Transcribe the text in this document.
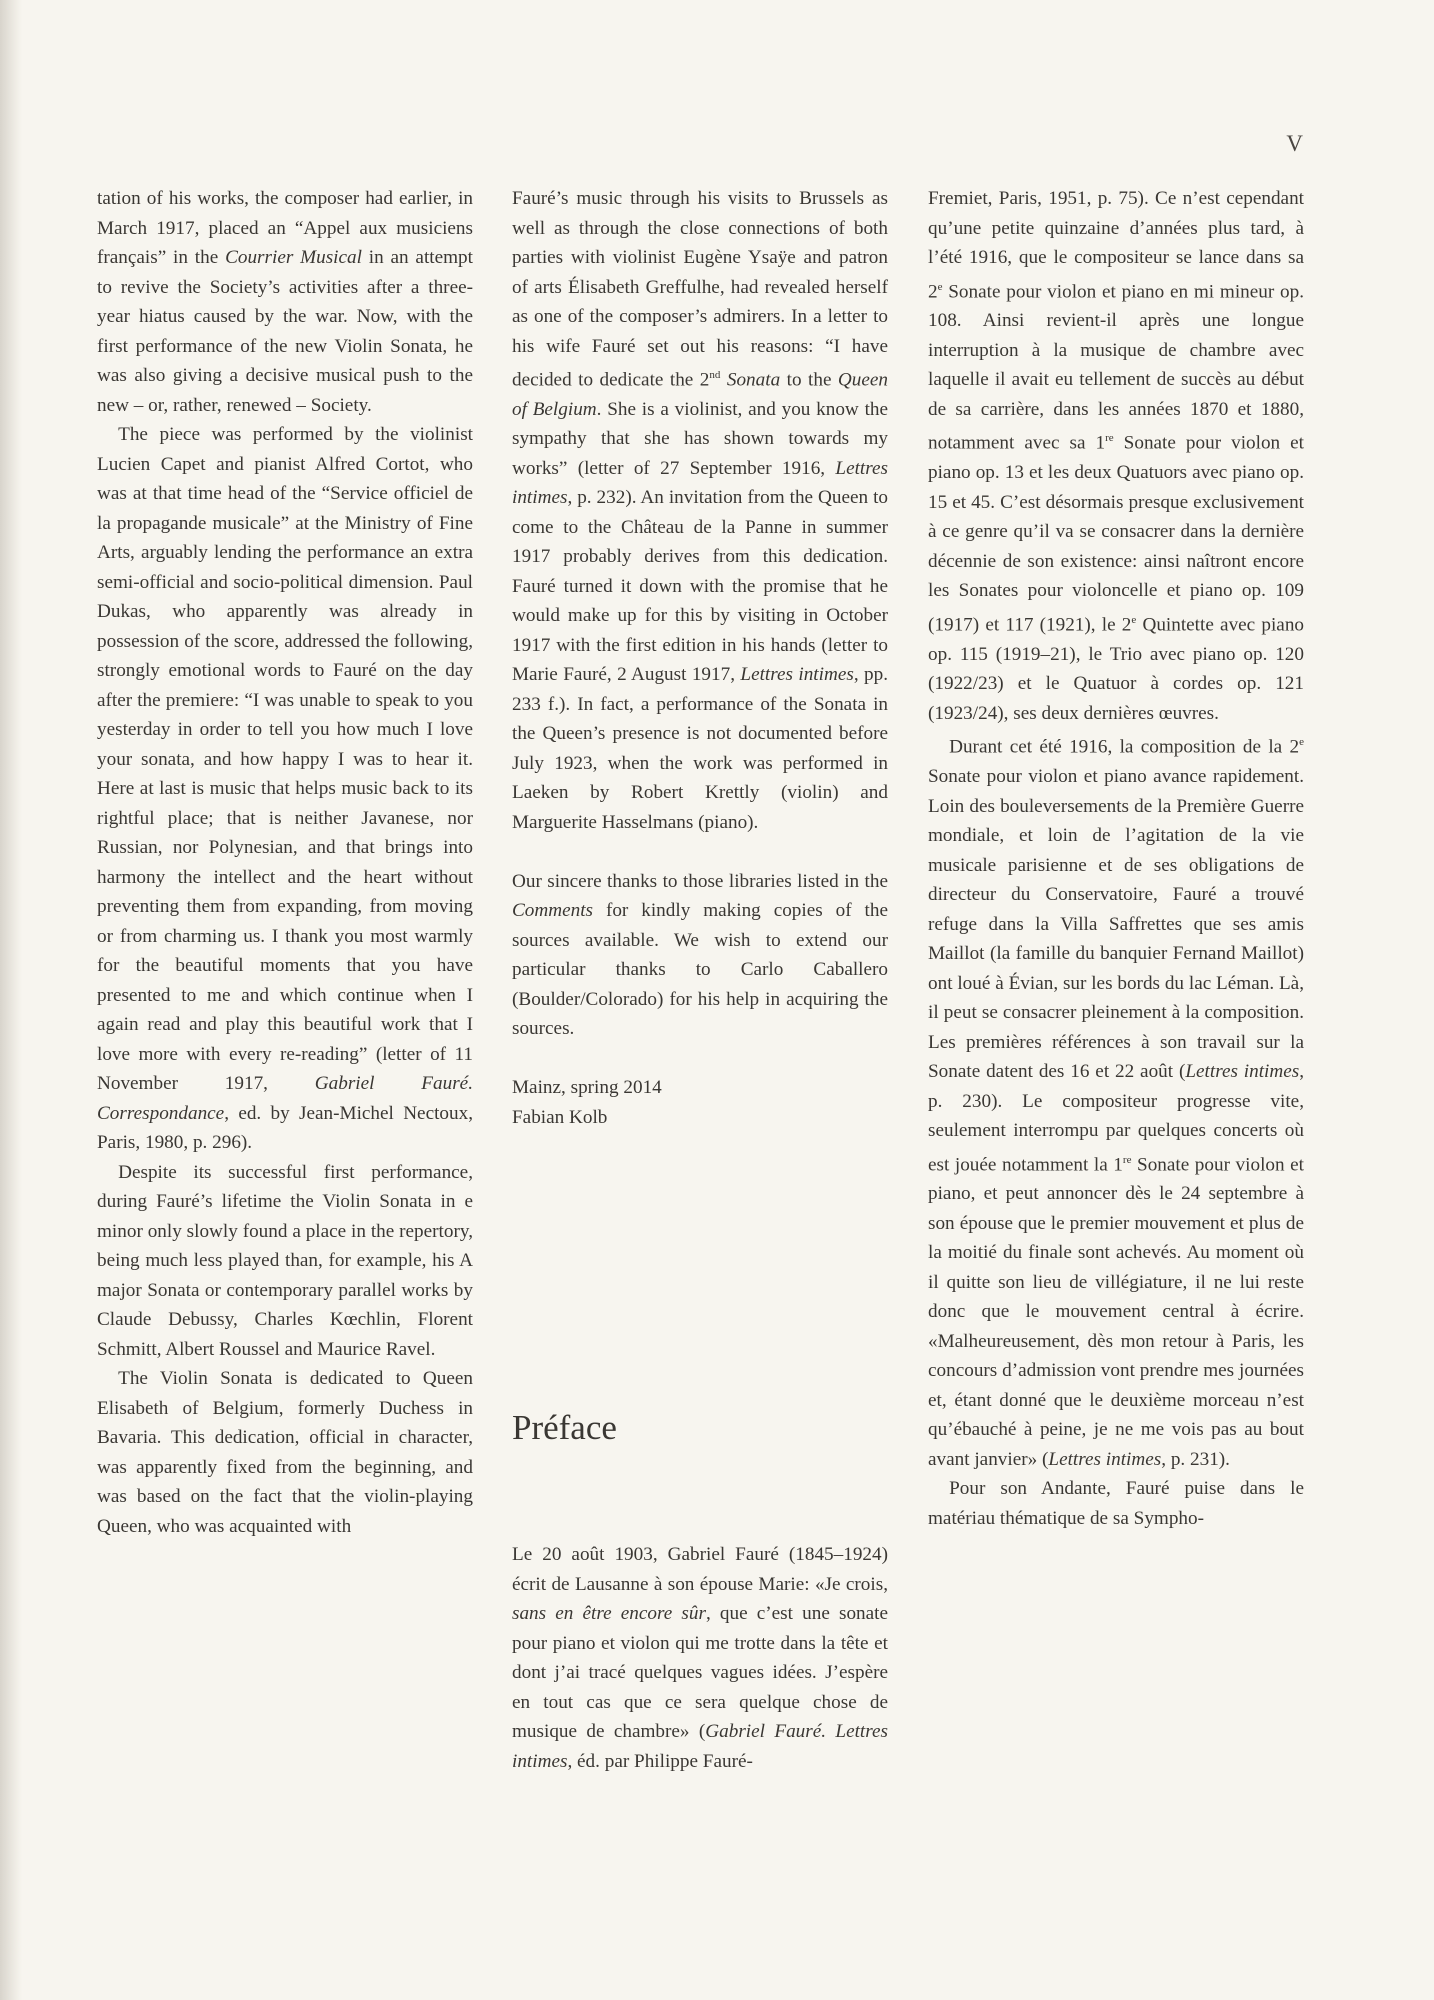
V

tation of his works, the composer had earlier, in March 1917, placed an “Appel aux musiciens français” in the Courrier Musical in an attempt to revive the Society’s activities after a three-year hiatus caused by the war. Now, with the first performance of the new Violin Sonata, he was also giving a decisive musical push to the new – or, rather, renewed – Society.

The piece was performed by the violinist Lucien Capet and pianist Alfred Cortot, who was at that time head of the “Service officiel de la propagande musicale” at the Ministry of Fine Arts, arguably lending the performance an extra semi-official and socio-political dimension. Paul Dukas, who apparently was already in possession of the score, addressed the following, strongly emotional words to Fauré on the day after the premiere: “I was unable to speak to you yesterday in order to tell you how much I love your sonata, and how happy I was to hear it. Here at last is music that helps music back to its rightful place; that is neither Javanese, nor Russian, nor Polynesian, and that brings into harmony the intellect and the heart without preventing them from expanding, from moving or from charming us. I thank you most warmly for the beautiful moments that you have presented to me and which continue when I again read and play this beautiful work that I love more with every re-reading” (letter of 11 November 1917, Gabriel Fauré. Correspondance, ed. by Jean-Michel Nectoux, Paris, 1980, p. 296).

Despite its successful first performance, during Fauré’s lifetime the Violin Sonata in e minor only slowly found a place in the repertory, being much less played than, for example, his A major Sonata or contemporary parallel works by Claude Debussy, Charles Kœchlin, Florent Schmitt, Albert Roussel and Maurice Ravel.

The Violin Sonata is dedicated to Queen Elisabeth of Belgium, formerly Duchess in Bavaria. This dedication, official in character, was apparently fixed from the beginning, and was based on the fact that the violin-playing Queen, who was acquainted with

Fauré’s music through his visits to Brussels as well as through the close connections of both parties with violinist Eugène Ysaÿe and patron of arts Élisabeth Greffulhe, had revealed herself as one of the composer’s admirers. In a letter to his wife Fauré set out his reasons: “I have decided to dedicate the 2nd Sonata to the Queen of Belgium. She is a violinist, and you know the sympathy that she has shown towards my works” (letter of 27 September 1916, Lettres intimes, p. 232). An invitation from the Queen to come to the Château de la Panne in summer 1917 probably derives from this dedication. Fauré turned it down with the promise that he would make up for this by visiting in October 1917 with the first edition in his hands (letter to Marie Fauré, 2 August 1917, Lettres intimes, pp. 233 f.). In fact, a performance of the Sonata in the Queen’s presence is not documented before July 1923, when the work was performed in Laeken by Robert Krettly (violin) and Marguerite Hasselmans (piano).

Our sincere thanks to those libraries listed in the Comments for kindly making copies of the sources available. We wish to extend our particular thanks to Carlo Caballero (Boulder/Colorado) for his help in acquiring the sources.

Mainz, spring 2014

Fabian Kolb

Préface

Le 20 août 1903, Gabriel Fauré (1845–1924) écrit de Lausanne à son épouse Marie: «Je crois, sans en être encore sûr, que c’est une sonate pour piano et violon qui me trotte dans la tête et dont j’ai tracé quelques vagues idées. J’espère en tout cas que ce sera quelque chose de musique de chambre» (Gabriel Fauré. Lettres intimes, éd. par Philippe Fauré-

Fremiet, Paris, 1951, p. 75). Ce n’est cependant qu’une petite quinzaine d’années plus tard, à l’été 1916, que le compositeur se lance dans sa 2e Sonate pour violon et piano en mi mineur op. 108. Ainsi revient-il après une longue interruption à la musique de chambre avec laquelle il avait eu tellement de succès au début de sa carrière, dans les années 1870 et 1880, notamment avec sa 1re Sonate pour violon et piano op. 13 et les deux Quatuors avec piano op. 15 et 45. C’est désormais presque exclusivement à ce genre qu’il va se consacrer dans la dernière décennie de son existence: ainsi naîtront encore les Sonates pour violoncelle et piano op. 109 (1917) et 117 (1921), le 2e Quintette avec piano op. 115 (1919–21), le Trio avec piano op. 120 (1922/23) et le Quatuor à cordes op. 121 (1923/24), ses deux dernières œuvres.

Durant cet été 1916, la composition de la 2e Sonate pour violon et piano avance rapidement. Loin des bouleversements de la Première Guerre mondiale, et loin de l’agitation de la vie musicale parisienne et de ses obligations de directeur du Conservatoire, Fauré a trouvé refuge dans la Villa Saffrettes que ses amis Maillot (la famille du banquier Fernand Maillot) ont loué à Évian, sur les bords du lac Léman. Là, il peut se consacrer pleinement à la composition. Les premières références à son travail sur la Sonate datent des 16 et 22 août (Lettres intimes, p. 230). Le compositeur progresse vite, seulement interrompu par quelques concerts où est jouée notamment la 1re Sonate pour violon et piano, et peut annoncer dès le 24 septembre à son épouse que le premier mouvement et plus de la moitié du finale sont achevés. Au moment où il quitte son lieu de villégiature, il ne lui reste donc que le mouvement central à écrire. «Malheureusement, dès mon retour à Paris, les concours d’admission vont prendre mes journées et, étant donné que le deuxième morceau n’est qu’ébauché à peine, je ne me vois pas au bout avant janvier» (Lettres intimes, p. 231).

Pour son Andante, Fauré puise dans le matériau thématique de sa Sympho-
